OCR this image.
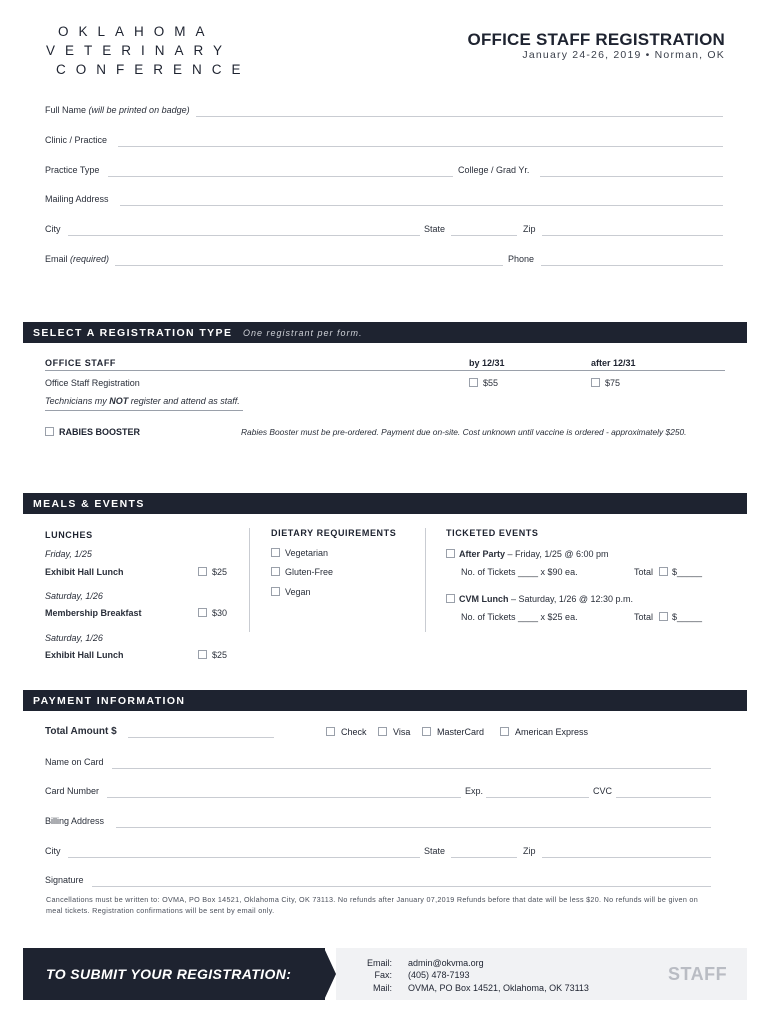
OKLAHOMA
VETERINARY
CONFERENCE
OFFICE STAFF REGISTRATION
January 24-26, 2019 • Norman, OK
Full Name (will be printed on badge)
Clinic / Practice
Practice Type	College / Grad Yr.
Mailing Address
City	State	Zip
Email (required)	Phone
SELECT A REGISTRATION TYPE One registrant per form.
OFFICE STAFF	by 12/31	after 12/31
Office Staff Registration	$55	$75
Technicians my NOT register and attend as staff.
RABIES BOOSTER	Rabies Booster must be pre-ordered. Payment due on-site. Cost unknown until vaccine is ordered - approximately $250.
MEALS & EVENTS
LUNCHES	DIETARY REQUIREMENTS	TICKETED EVENTS
Friday, 1/25
Exhibit Hall Lunch	$25
Saturday, 1/26
Membership Breakfast	$30
Saturday, 1/26
Exhibit Hall Lunch	$25
Vegetarian
Gluten-Free
Vegan
After Party – Friday, 1/25 @ 6:00 pm
No. of Tickets ____ x $90 ea.	Total $_____
CVM Lunch – Saturday, 1/26 @ 12:30 p.m.
No. of Tickets ____ x $25 ea.	Total $_____
PAYMENT INFORMATION
Total Amount $	Check	Visa	MasterCard	American Express
Name on Card
Card Number	Exp.	CVC
Billing Address
City	State	Zip
Signature
Cancellations must be written to: OVMA, PO Box 14521, Oklahoma City, OK 73113. No refunds after January 07,2019 Refunds before that date will be less $20. No refunds will be given on meal tickets. Registration confirmations will be sent by email only.
TO SUBMIT YOUR REGISTRATION:
Email: admin@okvma.org
Fax: (405) 478-7193
Mail: OVMA, PO Box 14521, Oklahoma, OK 73113
STAFF
